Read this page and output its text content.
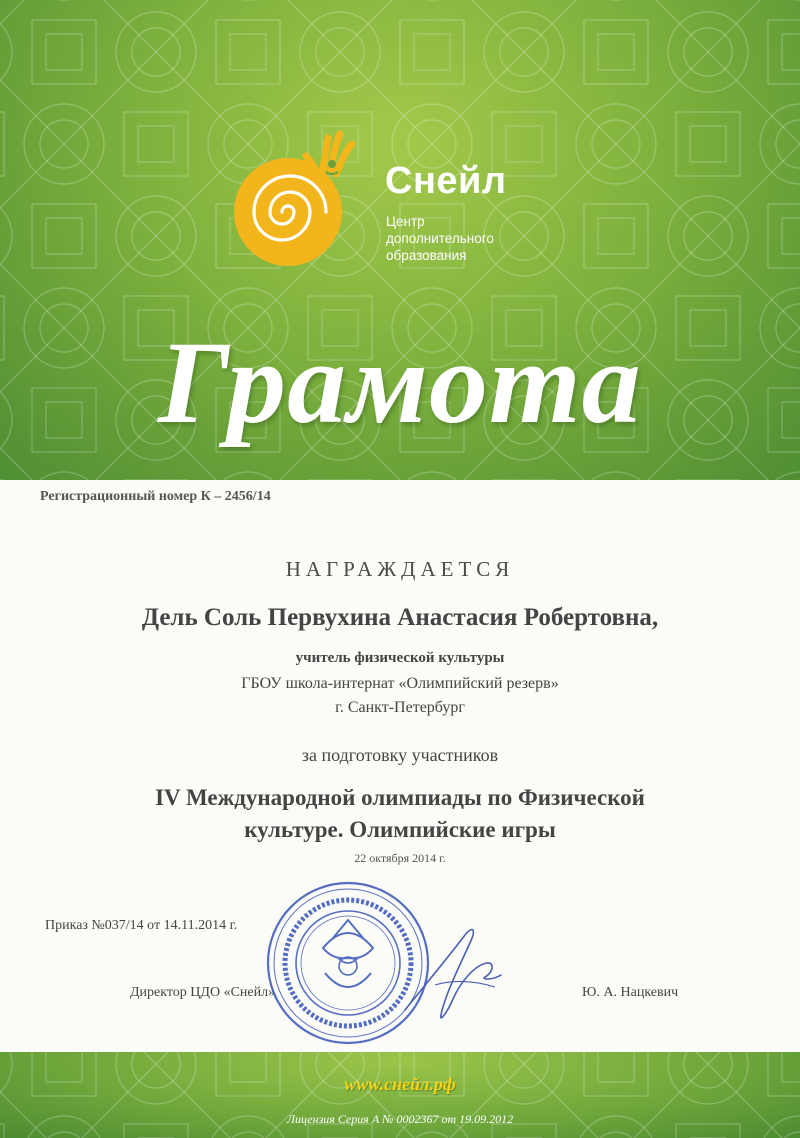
Снейл
Центр
дополнительного
образования
Грамота
Регистрационный номер К – 2456/14
НАГРАЖДАЕТСЯ
Дель Соль Первухина Анастасия Робертовна,
учитель физической культуры
ГБОУ школа-интернат «Олимпийский резерв»
г. Санкт-Петербург
за подготовку участников
IV Международной олимпиады по Физической
культуре. Олимпийские игры
22 октября 2014 г.
Приказ №037/14 от 14.11.2014 г.
Директор ЦДО «Снейл»	Ю. А. Нацкевич
www.снейл.рф
Лицензия Серия А № 0002367 от 19.09.2012
